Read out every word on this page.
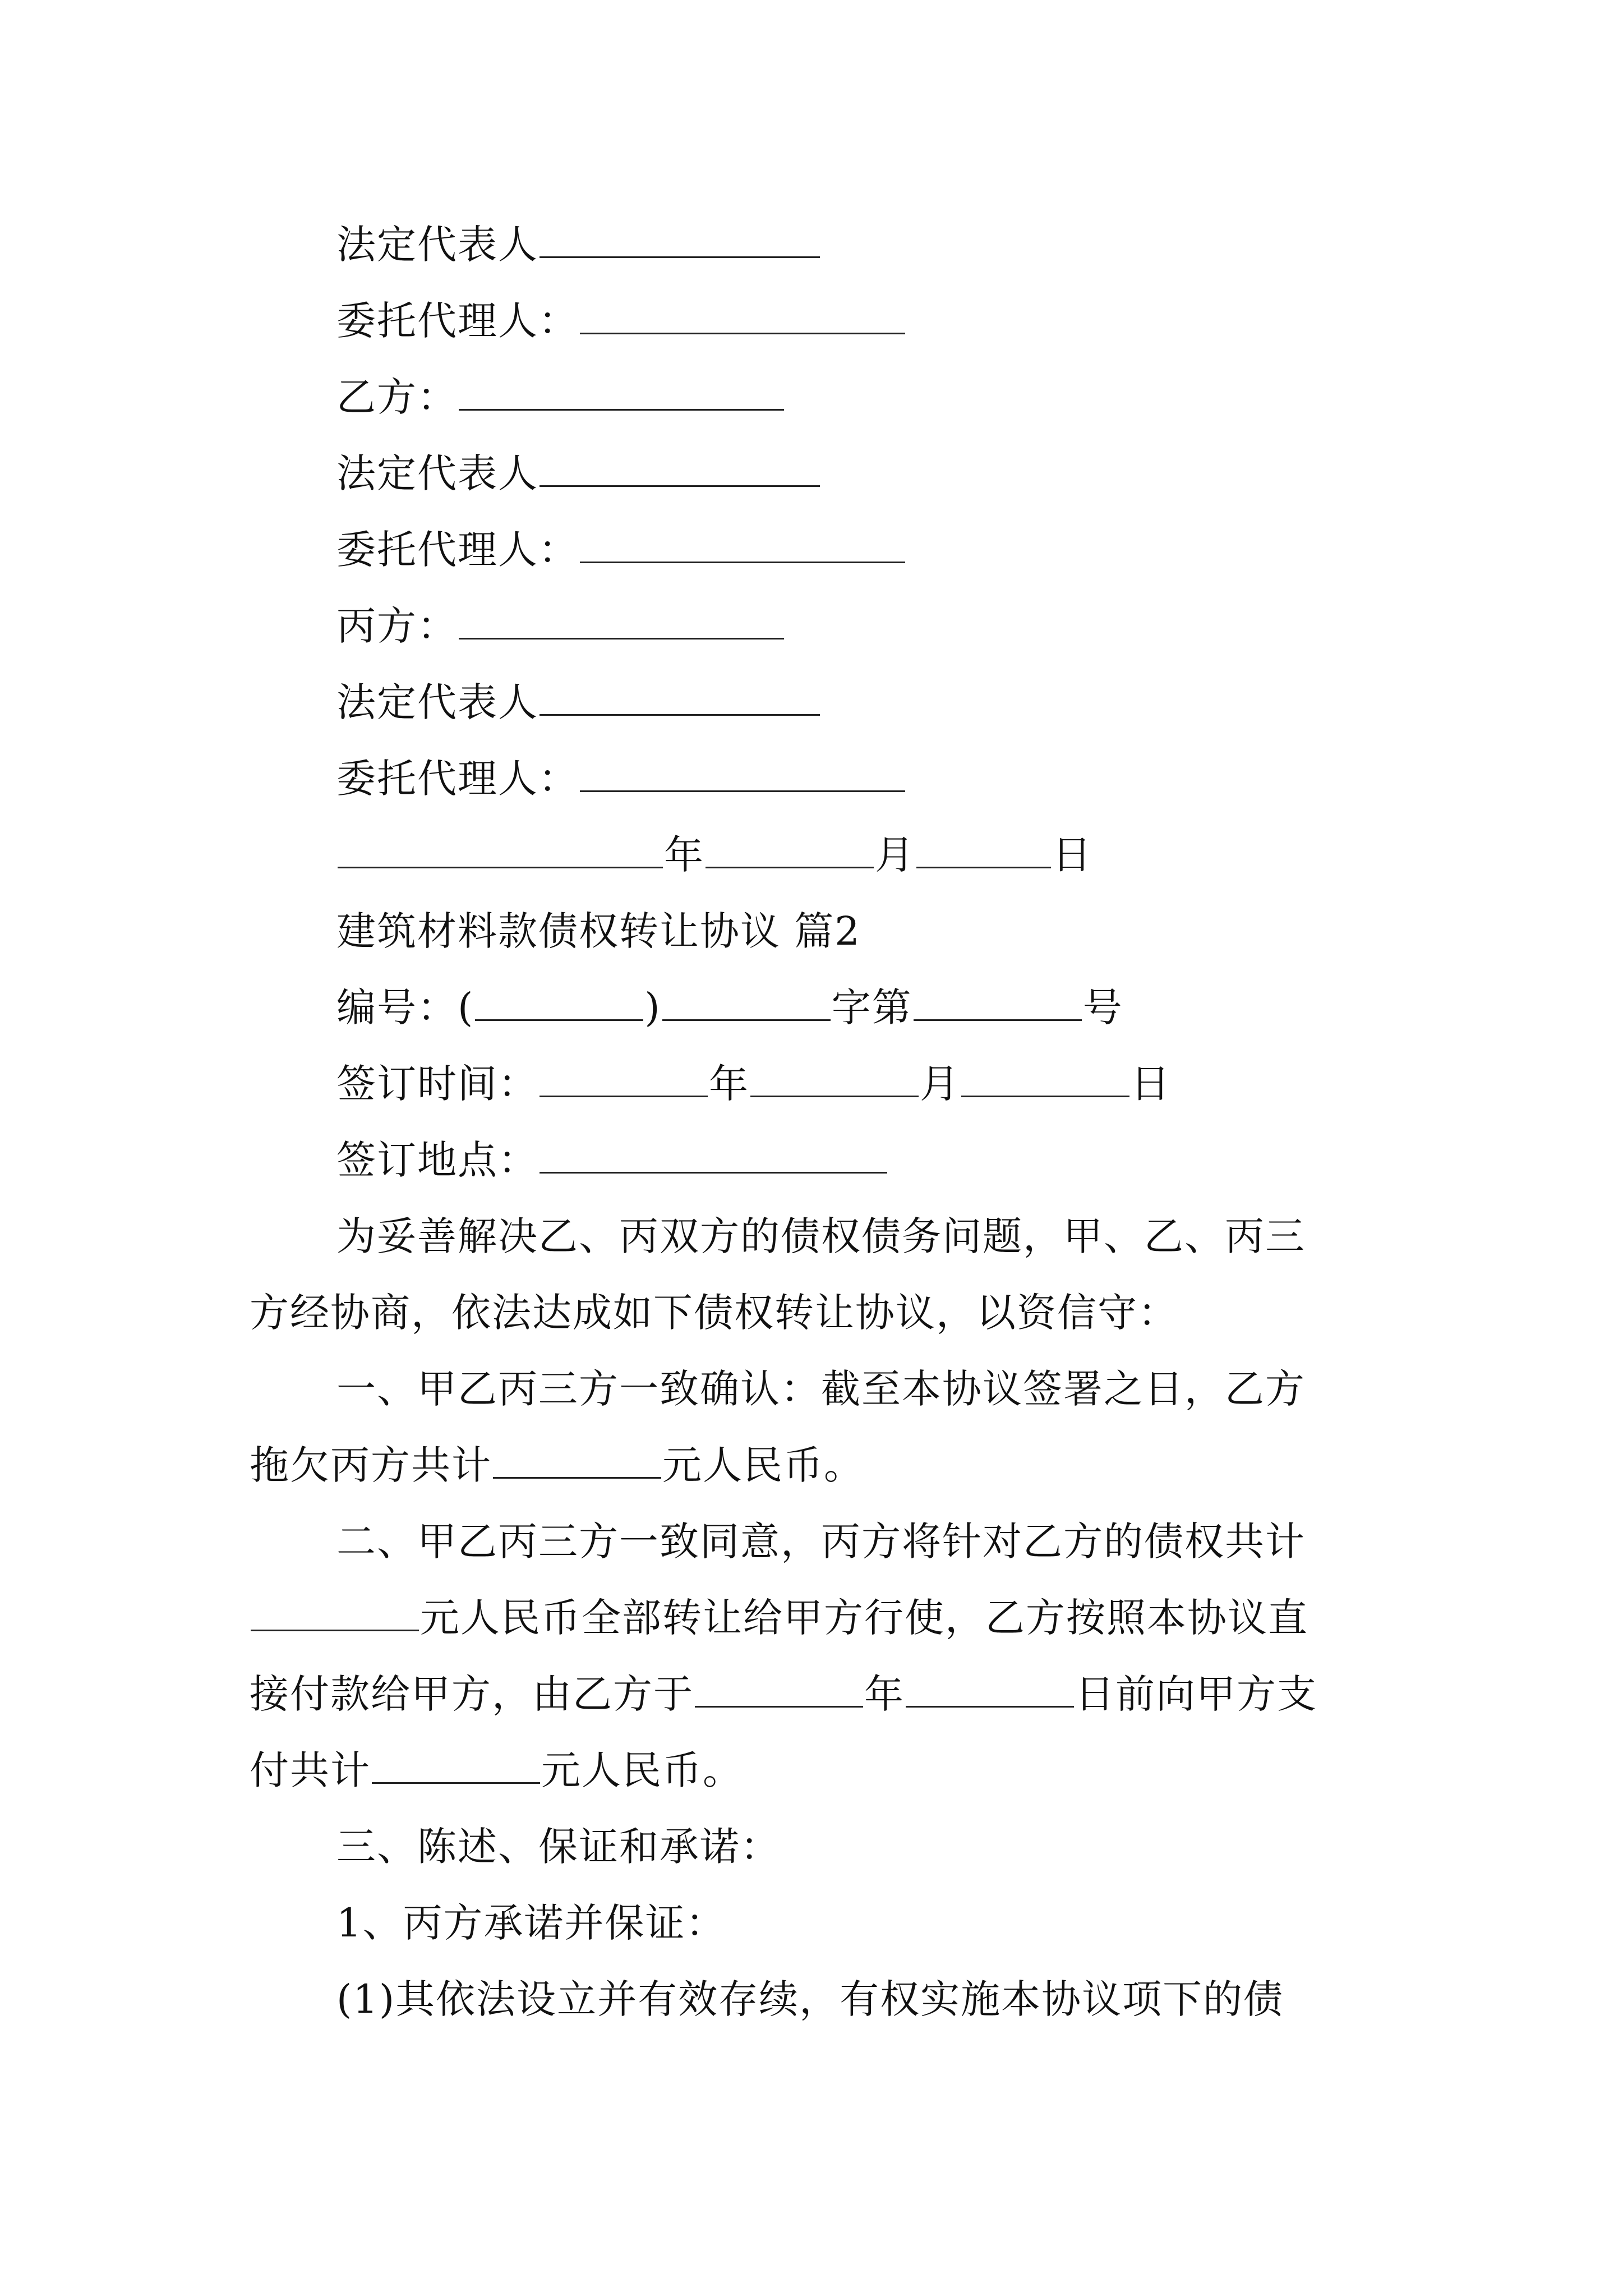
法定代表人
委托代理人：
乙方：
法定代表人
委托代理人：
丙方：
法定代表人
委托代理人：
年	月	日
建筑材料款债权转让协议 篇2
编号：(	)	字第	号
签订时间：	年	月	日
签订地点：
为妥善解决乙、丙双方的债权债务问题，甲、乙、丙三
方经协商，依法达成如下债权转让协议，以资信守：
一、甲乙丙三方一致确认：截至本协议签署之日，乙方
拖欠丙方共计	元人民币。
二、甲乙丙三方一致同意，丙方将针对乙方的债权共计
元人民币全部转让给甲方行使，乙方按照本协议直
接付款给甲方，由乙方于	年	日前向甲方支
付共计	元人民币。
三、陈述、保证和承诺：
1、丙方承诺并保证：
(1)其依法设立并有效存续，有权实施本协议项下的债
